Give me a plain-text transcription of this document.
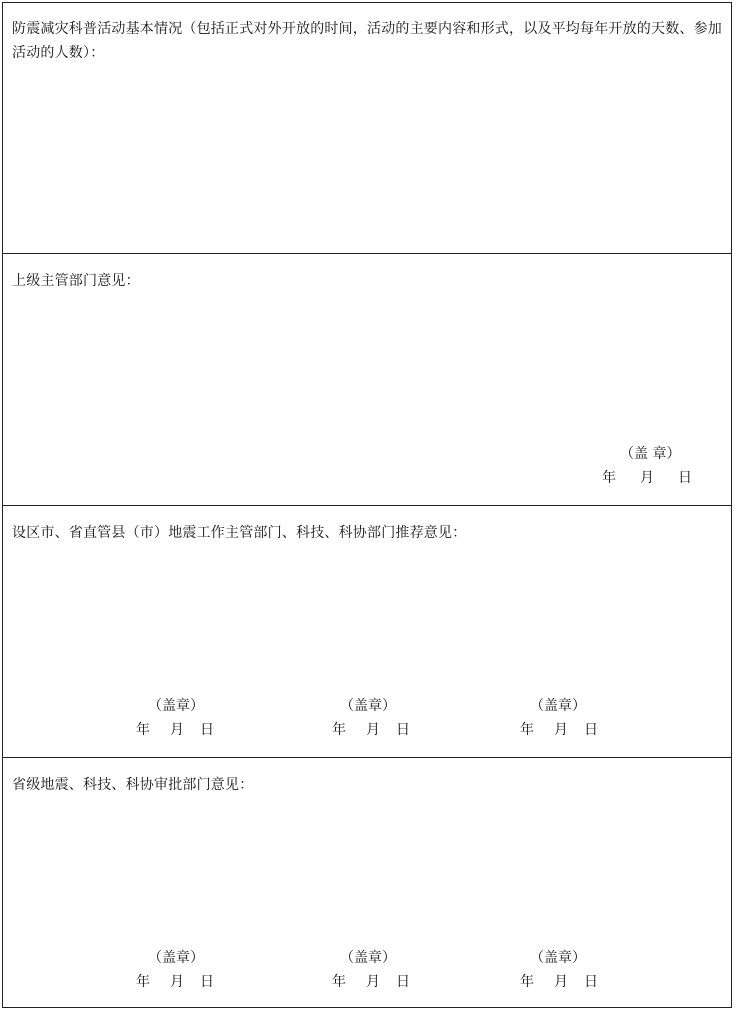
防震减灾科普活动基本情况（包括正式对外开放的时间，活动的主要内容和形式，以及平均每年开放的天数、参加活动的人数）：
上级主管部门意见：
（盖 章）
年 月 日
设区市、省直管县（市）地震工作主管部门、科技、科协部门推荐意见：
（盖章）
年 月 日
（盖章）
年 月 日
（盖章）
年 月 日
省级地震、科技、科协审批部门意见：
（盖章）
年 月 日
（盖章）
年 月 日
（盖章）
年 月 日
